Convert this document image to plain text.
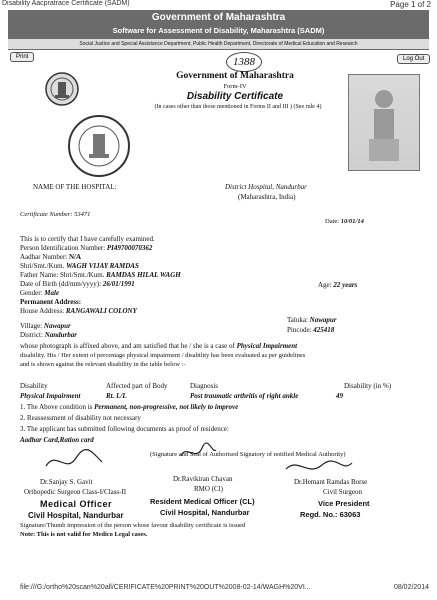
Disability Aacpratrace Certificate (SADM)	Page 1 of 2
Government of Maharashtra
Software for Assessment of Disability, Maharashtra (SADM)
Social Justice and Special Assistance Department, Public Health Department, Directorate of Medical Education and Research
Print	Log Out
1388
Government of Maharashtra
Form-IV
Disability Certificate
(In cases other than those mentioned in Forms II and III ) (See rule 4)
NAME OF THE HOSPITAL:	District Hospital, Nandurbar
(Maharashtra, India)
Certificate Number: 53471
Date: 10/01/14
This is to certify that I have carefully examined.
Person Identification Number: PI49700070362
Aadhar Number: N/A
Shri/Smt./Kum. WAGH VIJAY RAMDAS
Father Name: Shri/Smt./Kum. RAMDAS HILAL WAGH
Date of Birth (dd/mm/yyyy): 26/01/1991	Age: 22 years
Gender: Male
Permanent Address:
House Address: RANGAWALI COLONY
Village: Nawapur
Taluka: Nawapur
District: Nandurbar
Pincode: 425418
whose photograph is affixed above, and am satisfied that he / she is a case of Physical Impairment
disability. His / Her extent of percentage physical impairment / disability has been evaluated as per guidelines
and is shown against the relevant disability in the table below :-
Disability	Affected part of Body	Diagnosis	Disability (in %)
Physical Impairment	Rt. L/L	Post traumatic arthritis of right ankle	49
1. The Above condition is Permanent, non-progressive, not likely to improve
2. Reassessment of disability not necessary
3. The applicant has submitted following documents as proof of residence:
Aadhar Card,Ration card
(Signature and Seal of Authorised Signatory of notified Medical Authority)
Dr.Sanjay S. Gavit
Orthopedic Surgeon Class-I/Class-II
Medical Officer
Civil Hospital, Nandurbar
Dr.Ravikiran Chavan
RMO (Cl)
Resident Medical Officer (CL)
Civil Hospital, Nandurbar
Dr.Hemant Ramdas Borse
Civil Surgeon
Vice President
Regd. No.: 63063
Signature/Thumb impression of the person whose favour disability certificate is issued
Note: This is not valid for Medico Legal cases.
file:///G:/ortho%20scan%20all/CERIFICATE%20PRINT%20OUT%2008-02-14/WAGH%20VI...	08/02/2014
